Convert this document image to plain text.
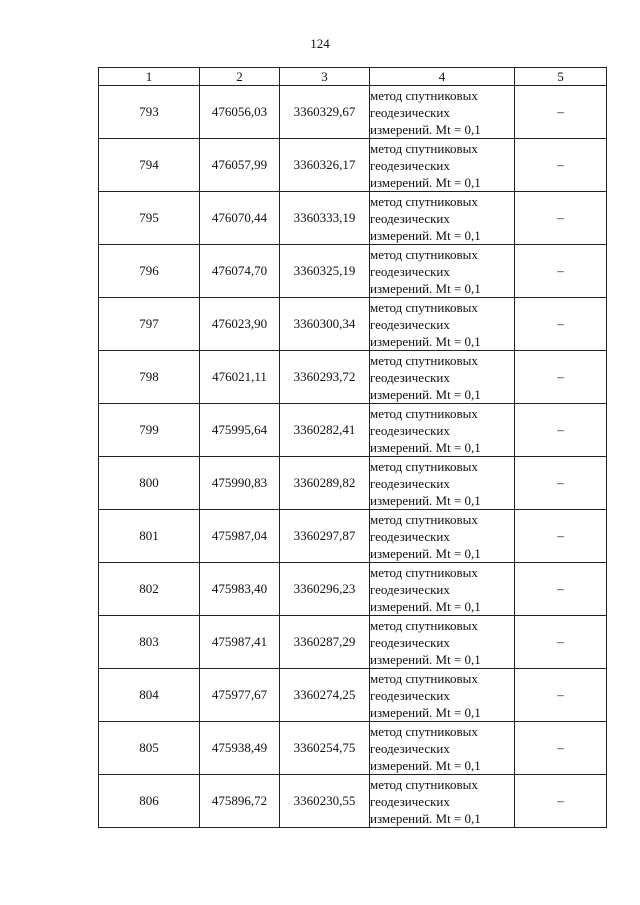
124
1	2	3	4	5
793	476056,03	3360329,67	метод спутниковых
геодезических
измерений. Mt = 0,1	–
794	476057,99	3360326,17	метод спутниковых
геодезических
измерений. Mt = 0,1	–
795	476070,44	3360333,19	метод спутниковых
геодезических
измерений. Mt = 0,1	–
796	476074,70	3360325,19	метод спутниковых
геодезических
измерений. Mt = 0,1	–
797	476023,90	3360300,34	метод спутниковых
геодезических
измерений. Mt = 0,1	–
798	476021,11	3360293,72	метод спутниковых
геодезических
измерений. Mt = 0,1	–
799	475995,64	3360282,41	метод спутниковых
геодезических
измерений. Mt = 0,1	–
800	475990,83	3360289,82	метод спутниковых
геодезических
измерений. Mt = 0,1	–
801	475987,04	3360297,87	метод спутниковых
геодезических
измерений. Mt = 0,1	–
802	475983,40	3360296,23	метод спутниковых
геодезических
измерений. Mt = 0,1	–
803	475987,41	3360287,29	метод спутниковых
геодезических
измерений. Mt = 0,1	–
804	475977,67	3360274,25	метод спутниковых
геодезических
измерений. Mt = 0,1	–
805	475938,49	3360254,75	метод спутниковых
геодезических
измерений. Mt = 0,1	–
806	475896,72	3360230,55	метод спутниковых
геодезических
измерений. Mt = 0,1	–
